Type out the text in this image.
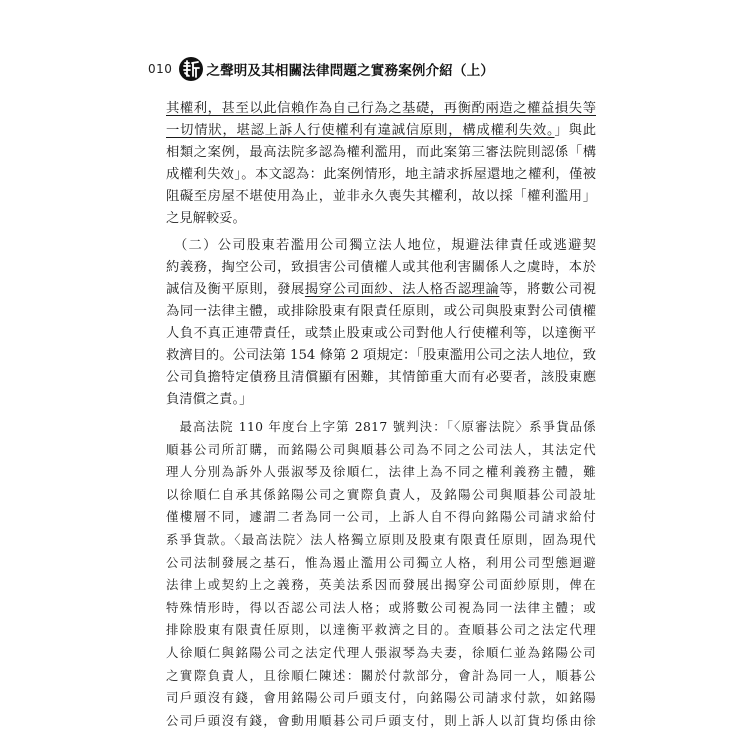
010	之聲明及其相關法律問題之實務案例介紹（上）
其權利，甚至以此信賴作為自己行為之基礎，再衡酌兩造之權益損失等
一切情狀，堪認上訴人行使權利有違誠信原則，構成權利失效。」與此
相類之案例，最高法院多認為權利濫用，而此案第三審法院則認係「構
成權利失效」。本文認為：此案例情形，地主請求拆屋還地之權利，僅被
阻礙至房屋不堪使用為止，並非永久喪失其權利，故以採「權利濫用」
之見解較妥。
　（二）公司股東若濫用公司獨立法人地位，規避法律責任或逃避契
約義務，掏空公司，致損害公司債權人或其他利害關係人之虞時，本於
誠信及衡平原則，發展揭穿公司面紗、法人格否認理論等，將數公司視
為同一法律主體，或排除股東有限責任原則，或公司與股東對公司債權
人負不真正連帶責任，或禁止股東或公司對他人行使權利等，以達衡平
救濟目的。公司法第 154 條第 2 項規定：「股東濫用公司之法人地位，致
公司負擔特定債務且清償顯有困難，其情節重大而有必要者，該股東應
負清償之責。」
　最高法院 110 年度台上字第 2817 號判決：「〈原審法院〉系爭貨品係
順碁公司所訂購，而銘陽公司與順碁公司為不同之公司法人，其法定代
理人分別為訴外人張淑琴及徐順仁，法律上為不同之權利義務主體，難
以徐順仁自承其係銘陽公司之實際負責人，及銘陽公司與順碁公司設址
僅樓層不同，遽謂二者為同一公司，上訴人自不得向銘陽公司請求給付
系爭貨款。〈最高法院〉法人格獨立原則及股東有限責任原則，固為現代
公司法制發展之基石，惟為遏止濫用公司獨立人格，利用公司型態迴避
法律上或契約上之義務，英美法系因而發展出揭穿公司面紗原則，俾在
特殊情形時，得以否認公司法人格；或將數公司視為同一法律主體；或
排除股東有限責任原則，以達衡平救濟之目的。查順碁公司之法定代理
人徐順仁與銘陽公司之法定代理人張淑琴為夫妻，徐順仁並為銘陽公司
之實際負責人，且徐順仁陳述：關於付款部分，會計為同一人，順碁公
司戶頭沒有錢，會用銘陽公司戶頭支付，向銘陽公司請求付款，如銘陽
公司戶頭沒有錢，會動用順碁公司戶頭支付，則上訴人以訂貨均係由徐
